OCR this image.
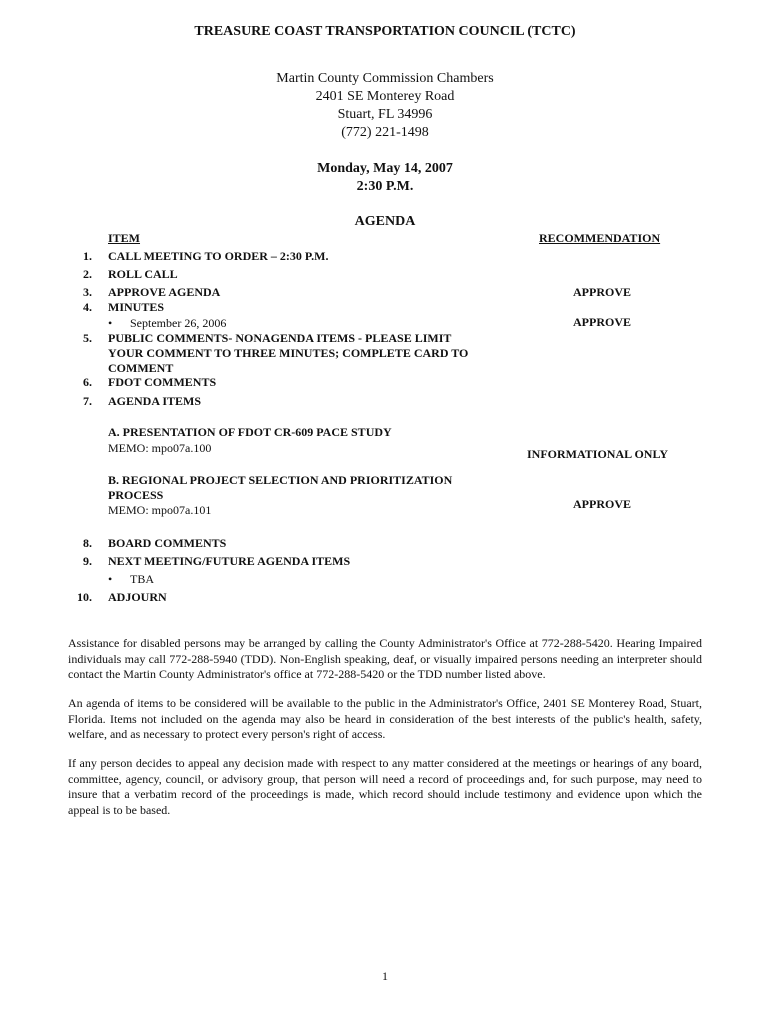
TREASURE COAST TRANSPORTATION COUNCIL (TCTC)
Martin County Commission Chambers
2401 SE Monterey Road
Stuart, FL 34996
(772) 221-1498
Monday, May 14, 2007
2:30 P.M.
AGENDA
ITEM	RECOMMENDATION
1. CALL MEETING TO ORDER – 2:30 P.M.
2. ROLL CALL
3. APPROVE AGENDA	APPROVE
4. MINUTES
• September 26, 2006	APPROVE
5. PUBLIC COMMENTS- NONAGENDA ITEMS - PLEASE LIMIT
YOUR COMMENT TO THREE MINUTES; COMPLETE CARD TO
COMMENT
6. FDOT COMMENTS
7. AGENDA ITEMS
A. PRESENTATION OF FDOT CR-609 PACE STUDY
MEMO: mpo07a.100	INFORMATIONAL ONLY
B. REGIONAL PROJECT SELECTION AND PRIORITIZATION
PROCESS
MEMO: mpo07a.101	APPROVE
8. BOARD COMMENTS
9. NEXT MEETING/FUTURE AGENDA ITEMS
• TBA
10. ADJOURN
Assistance for disabled persons may be arranged by calling the County Administrator's Office at 772-288-5420. Hearing Impaired individuals may call 772-288-5940 (TDD). Non-English speaking, deaf, or visually impaired persons needing an interpreter should contact the Martin County Administrator's office at 772-288-5420 or the TDD number listed above.
An agenda of items to be considered will be available to the public in the Administrator's Office, 2401 SE Monterey Road, Stuart, Florida. Items not included on the agenda may also be heard in consideration of the best interests of the public's health, safety, welfare, and as necessary to protect every person's right of access.
If any person decides to appeal any decision made with respect to any matter considered at the meetings or hearings of any board, committee, agency, council, or advisory group, that person will need a record of proceedings and, for such purpose, may need to insure that a verbatim record of the proceedings is made, which record should include testimony and evidence upon which the appeal is to be based.
1
